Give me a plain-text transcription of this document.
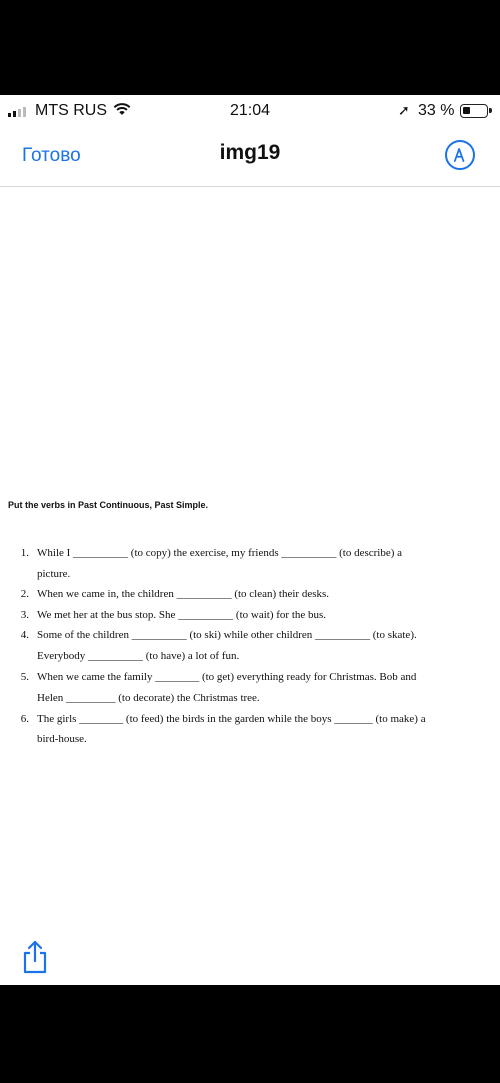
MTS RUS	21:04	➚ 33 %
Готово	img19
Put the verbs in Past Continuous, Past Simple.
1. While I __________ (to copy) the exercise, my friends __________ (to describe) a
picture.
2. When we came in, the children __________ (to clean) their desks.
3. We met her at the bus stop. She __________ (to wait) for the bus.
4. Some of the children __________ (to ski) while other children __________ (to skate).
Everybody __________ (to have) a lot of fun.
5. When we came the family ________ (to get) everything ready for Christmas. Bob and
Helen _________ (to decorate) the Christmas tree.
6. The girls ________ (to feed) the birds in the garden while the boys _______ (to make) a
bird-house.
